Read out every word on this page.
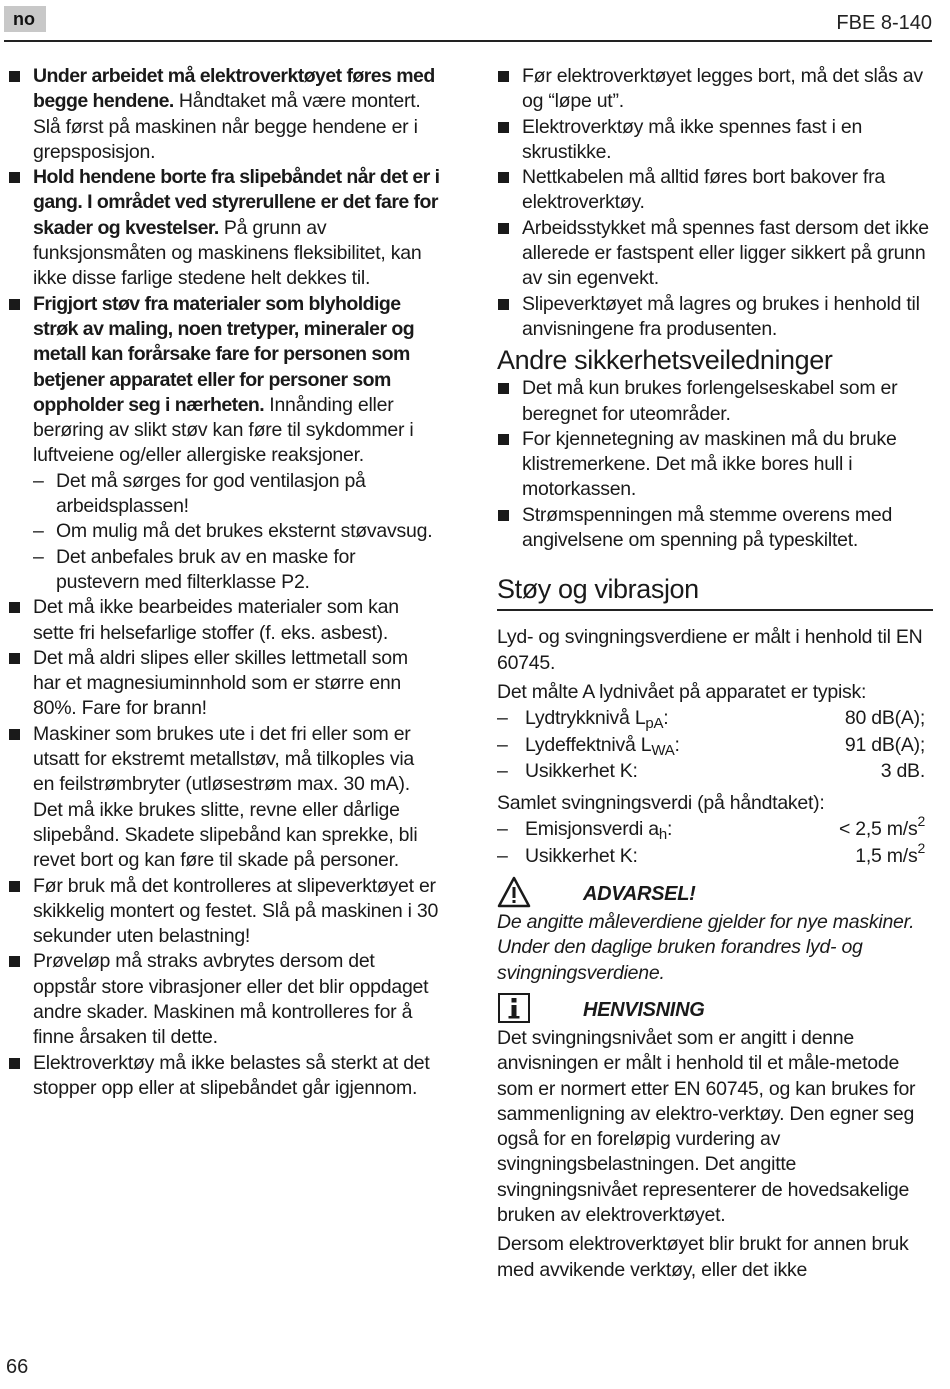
no	FBE 8-140
Under arbeidet må elektroverktøyet føres med begge hendene. Håndtaket må være montert. Slå først på maskinen når begge hendene er i grepsposisjon.
Hold hendene borte fra slipebåndet når det er i gang. I området ved styrerullene er det fare for skader og kvestelser. På grunn av funksjonsmåten og maskinens fleksibilitet, kan ikke disse farlige stedene helt dekkes til.
Frigjort støv fra materialer som blyholdige strøk av maling, noen tretyper, mineraler og metall kan forårsake fare for personen som betjener apparatet eller for personer som oppholder seg i nærheten. Innånding eller berøring av slikt støv kan føre til sykdommer i luftveiene og/eller allergiske reaksjoner.
– Det må sørges for god ventilasjon på arbeidsplassen!
– Om mulig må det brukes eksternt støvavsug.
– Det anbefales bruk av en maske for pustevern med filterklasse P2.
Det må ikke bearbeides materialer som kan sette fri helsefarlige stoffer (f. eks. asbest).
Det må aldri slipes eller skilles lettmetall som har et magnesiuminnhold som er større enn 80%. Fare for brann!
Maskiner som brukes ute i det fri eller som er utsatt for ekstremt metallstøv, må tilkoples via en feilstrømbryter (utløsestrøm max. 30 mA). Det må ikke brukes slitte, revne eller dårlige slipebånd. Skadete slipebånd kan sprekke, bli revet bort og kan føre til skade på personer.
Før bruk må det kontrolleres at slipeverktøyet er skikkelig montert og festet. Slå på maskinen i 30 sekunder uten belastning!
Prøveløp må straks avbrytes dersom det oppstår store vibrasjoner eller det blir oppdaget andre skader. Maskinen må kontrolleres for å finne årsaken til dette.
Elektroverktøy må ikke belastes så sterkt at det stopper opp eller at slipebåndet går igjennom.
Før elektroverktøyet legges bort, må det slås av og “løpe ut”.
Elektroverktøy må ikke spennes fast i en skrustikke.
Nettkabelen må alltid føres bort bakover fra elektroverktøy.
Arbeidsstykket må spennes fast dersom det ikke allerede er fastspent eller ligger sikkert på grunn av sin egenvekt.
Slipeverktøyet må lagres og brukes i henhold til anvisningene fra produsenten.
Andre sikkerhetsveiledninger
Det må kun brukes forlengelseskabel som er beregnet for uteområder.
For kjennetegning av maskinen må du bruke klistremerkene. Det må ikke bores hull i motorkassen.
Strømspenningen må stemme overens med angivelsene om spenning på typeskiltet.
Støy og vibrasjon

Lyd- og svingningsverdiene er målt i henhold til EN 60745.

Det målte A lydnivået på apparatet er typisk:

– Lydtrykknivå $L_{pA}$:	80 dB(A);
– Lydeffektnivå $L_{WA}$:	91 dB(A);
– Usikkerhet K:	3 dB.

Samlet svingningsverdi (på håndtaket):

– Emisjonsverdi $a_h$:	< 2,5 $m/s^2$
– Usikkerhet K:	1,5 $m/s^2$
ADVARSEL!

De angitte måleverdiene gjelder for nye maskiner. Under den daglige bruken forandres lyd- og svingningsverdiene.

HENVISNING

Det svingningsnivået som er angitt i denne anvisningen er målt i henhold til et måle-metode som er normert etter EN 60745, og kan brukes for sammenligning av elektro-verktøy. Den egner seg også for en foreløpig vurdering av svingningsbelastningen. Det angitte svingningsnivået representerer de hovedsakelige bruken av elektroverktøyet.

Dersom elektroverktøyet blir brukt for annen bruk med avvikende verktøy, eller det ikke

66
